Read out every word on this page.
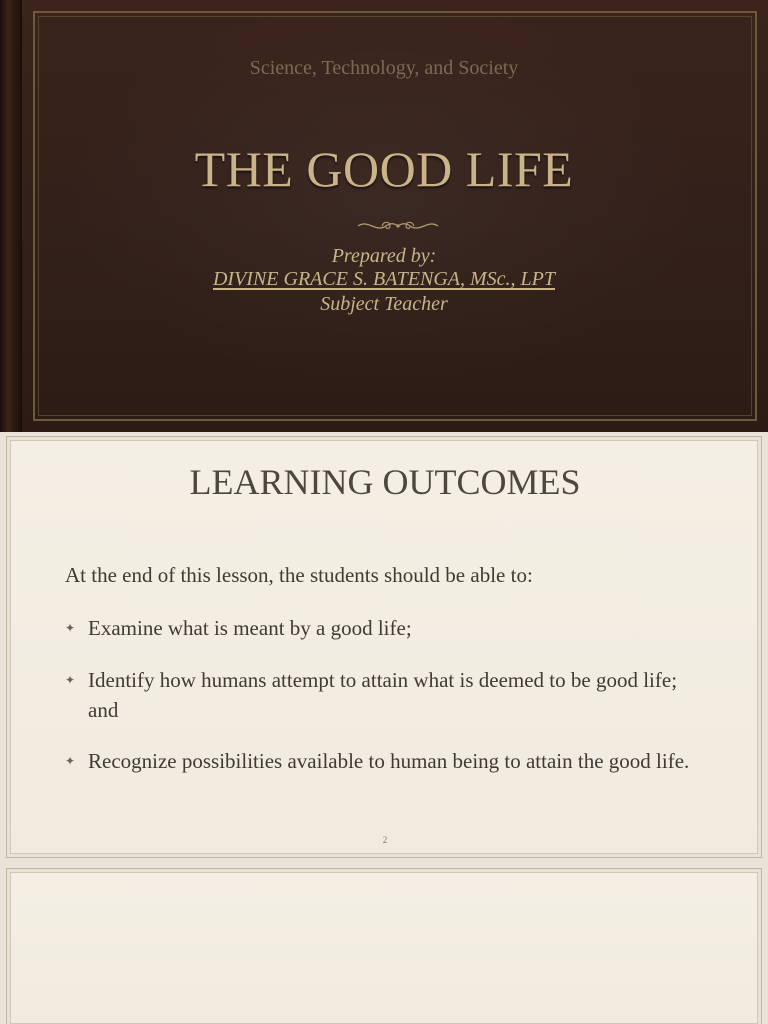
Science, Technology, and Society
THE GOOD LIFE
Prepared by:
DIVINE GRACE S. BATENGA, MSc., LPT
Subject Teacher
LEARNING OUTCOMES
At the end of this lesson, the students should be able to:
✦ Examine what is meant by a good life;
✦ Identify how humans attempt to attain what is deemed to be good life; and
✦ Recognize possibilities available to human being to attain the good life.
2
